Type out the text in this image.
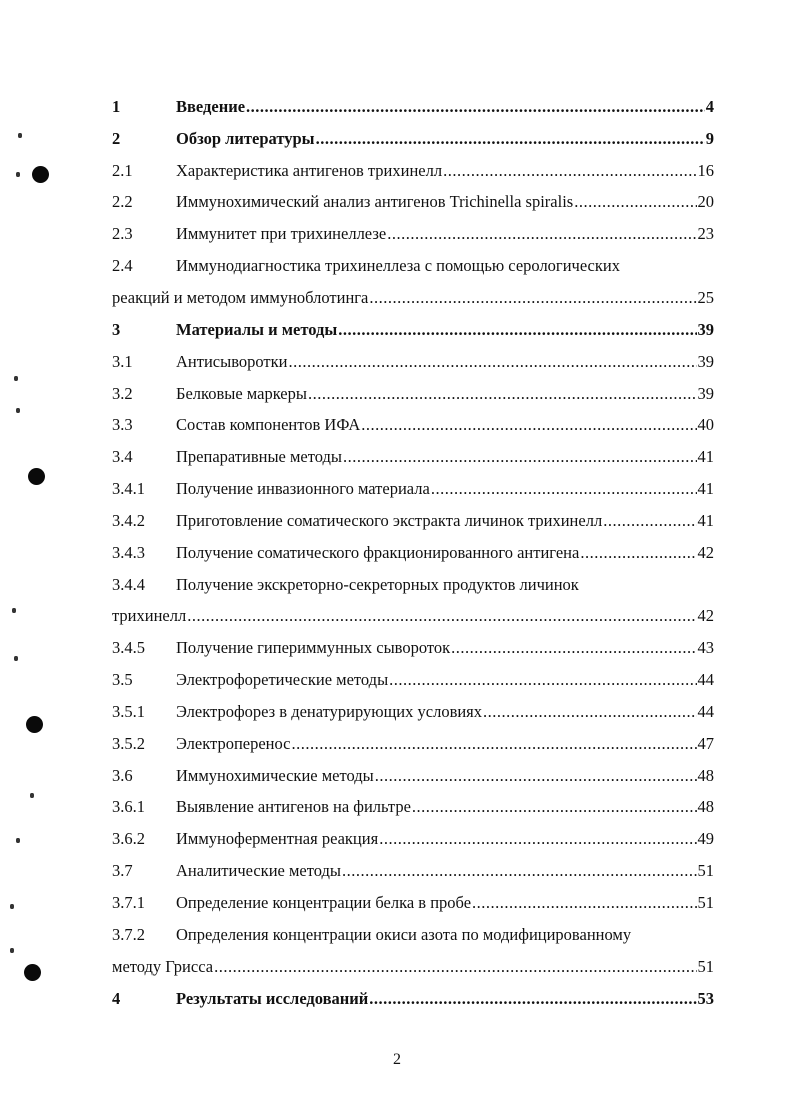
1	Введение .....	4
2	Обзор литературы .....	9
2.1	Характеристика антигенов трихинелл .....	16
2.2	Иммунохимический анализ антигенов Trichinella spiralis .....	20
2.3	Иммунитет при трихинеллезе .....	23
2.4	Иммунодиагностика трихинеллеза с помощью серологических
реакций и методом иммуноблотинга .....	25
3	Материалы и методы .....	39
3.1	Антисыворотки .....	39
3.2	Белковые маркеры .....	39
3.3	Состав компонентов ИФА .....	40
3.4	Препаративные методы .....	41
3.4.1	Получение инвазионного материала .....	41
3.4.2	Приготовление соматического экстракта личинок трихинелл .....	41
3.4.3	Получение соматического фракционированного антигена .....	42
3.4.4	Получение экскреторно-секреторных продуктов личинок
трихинелл .....	42
3.4.5	Получение гипериммунных сывороток .....	43
3.5	Электрофоретические методы .....	44
3.5.1	Электрофорез в денатурирующих условиях .....	44
3.5.2	Электроперенос .....	47
3.6	Иммунохимические методы .....	48
3.6.1	Выявление антигенов на фильтре .....	48
3.6.2	Иммуноферментная реакция .....	49
3.7	Аналитические методы .....	51
3.7.1	Определение концентрации белка в пробе .....	51
3.7.2	Определения концентрации окиси азота по модифицированному
методу Грисса .....	51
4	Результаты исследований .....	53
2
